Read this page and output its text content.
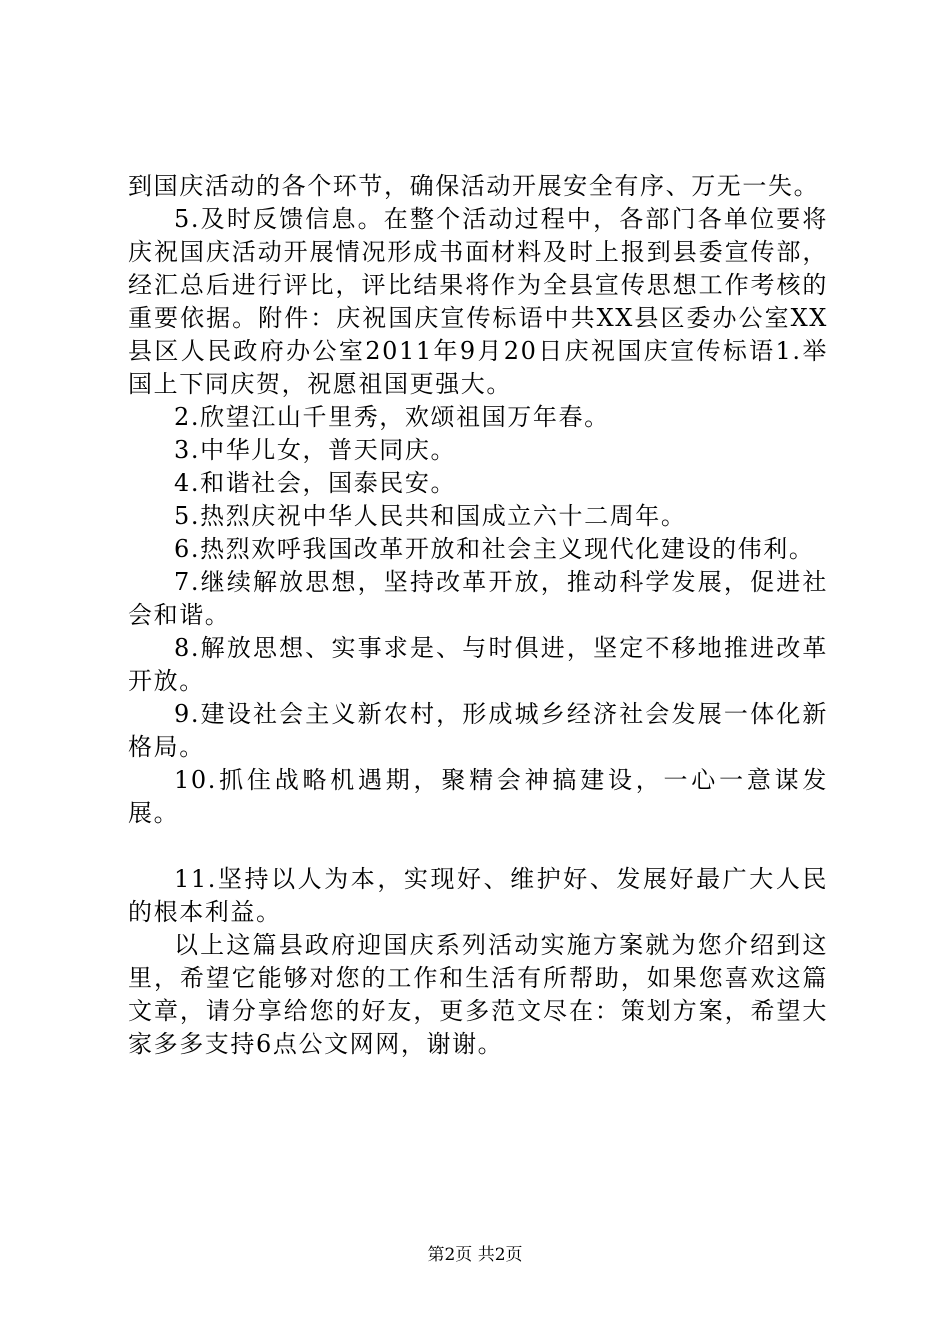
到国庆活动的各个环节，确保活动开展安全有序、万无一失。

5.及时反馈信息。在整个活动过程中，各部门各单位要将庆祝国庆活动开展情况形成书面材料及时上报到县委宣传部，经汇总后进行评比，评比结果将作为全县宣传思想工作考核的重要依据。附件：庆祝国庆宣传标语中共XX县区委办公室XX县区人民政府办公室2011年9月20日庆祝国庆宣传标语1.举国上下同庆贺，祝愿祖国更强大。

2.欣望江山千里秀，欢颂祖国万年春。

3.中华儿女，普天同庆。

4.和谐社会，国泰民安。

5.热烈庆祝中华人民共和国成立六十二周年。

6.热烈欢呼我国改革开放和社会主义现代化建设的伟利。

7.继续解放思想，坚持改革开放，推动科学发展，促进社会和谐。

8.解放思想、实事求是、与时俱进，坚定不移地推进改革开放。

9.建设社会主义新农村，形成城乡经济社会发展一体化新格局。

10.抓住战略机遇期，聚精会神搞建设，一心一意谋发展。

11.坚持以人为本，实现好、维护好、发展好最广大人民的根本利益。

以上这篇县政府迎国庆系列活动实施方案就为您介绍到这里，希望它能够对您的工作和生活有所帮助，如果您喜欢这篇文章，请分享给您的好友，更多范文尽在：策划方案，希望大家多多支持6点公文网网，谢谢。

第2页 共2页
